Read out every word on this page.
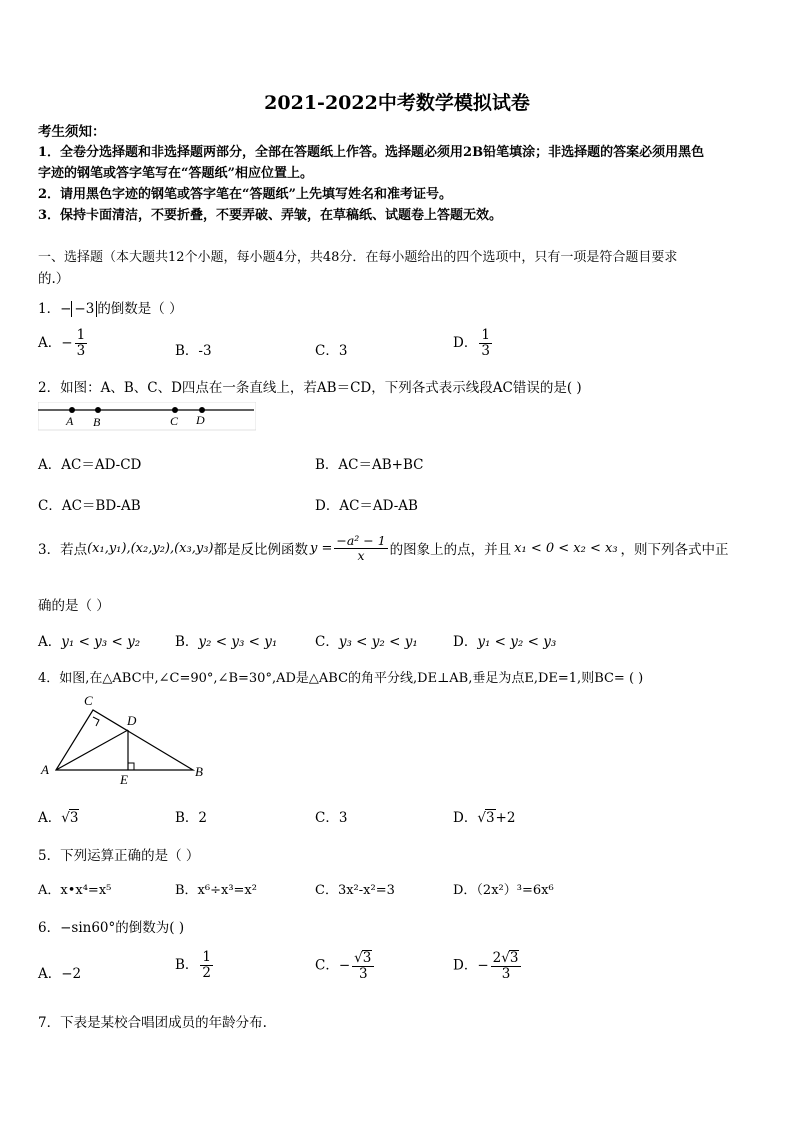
2021-2022中考数学模拟试卷
考生须知：
1．全卷分选择题和非选择题两部分，全部在答题纸上作答。选择题必须用2B铅笔填涂；非选择题的答案必须用黑色
字迹的钢笔或答字笔写在“答题纸”相应位置上。
2．请用黑色字迹的钢笔或答字笔在“答题纸”上先填写姓名和准考证号。
3．保持卡面清洁，不要折叠，不要弄破、弄皱，在草稿纸、试题卷上答题无效。
一、选择题（本大题共12个小题，每小题4分，共48分．在每小题给出的四个选项中，只有一项是符合题目要求
的.）
1．− −3 的倒数是（ ）
A．− $\frac{1}{3}$	B．-3	C．3
D． $\frac{1}{3}$
2．如图：A、B、C、D四点在一条直线上，若AB＝CD，下列各式表示线段AC错误的是( )
A B	C D
A．AC＝AD-CD	B．AC＝AB+BC
C．AC＝BD-AB	D．AC＝AD-AB
3．若点 (x₁,y₁),(x₂,y₂),(x₃,y₃) 都是反比例函数 $y = \frac{\text{−a² − 1}}{x}$ 的图象上的点，并且 x₁ < 0 < x₂ < x₃ ，则下列各式中正
确的是（ ）
A．y₁ < y₃ < y₂	B．y₂ < y₃ < y₁	C．y₃ < y₂ < y₁	D．y₁ < y₂ < y₃
4．如图,在△ABC中,∠C=90°,∠B=30°,AD是△ABC的角平分线,DE⊥AB,垂足为点E,DE=1,则BC= ( )
C
D
A	B
E
A．√3	B．2	C．3	D．√3+2
5．下列运算正确的是（ ）
A．x•x⁴=x⁵	B．x⁶÷x³=x²	C．3x²-x²=3	D．（2x²）³=6x⁶
6．−sin60°的倒数为( )
A．−2
B． $\frac{1}{2}$	C．− $\frac{√3}{3}$	D．− $\frac{2√3}{3}$
7．下表是某校合唱团成员的年龄分布.
